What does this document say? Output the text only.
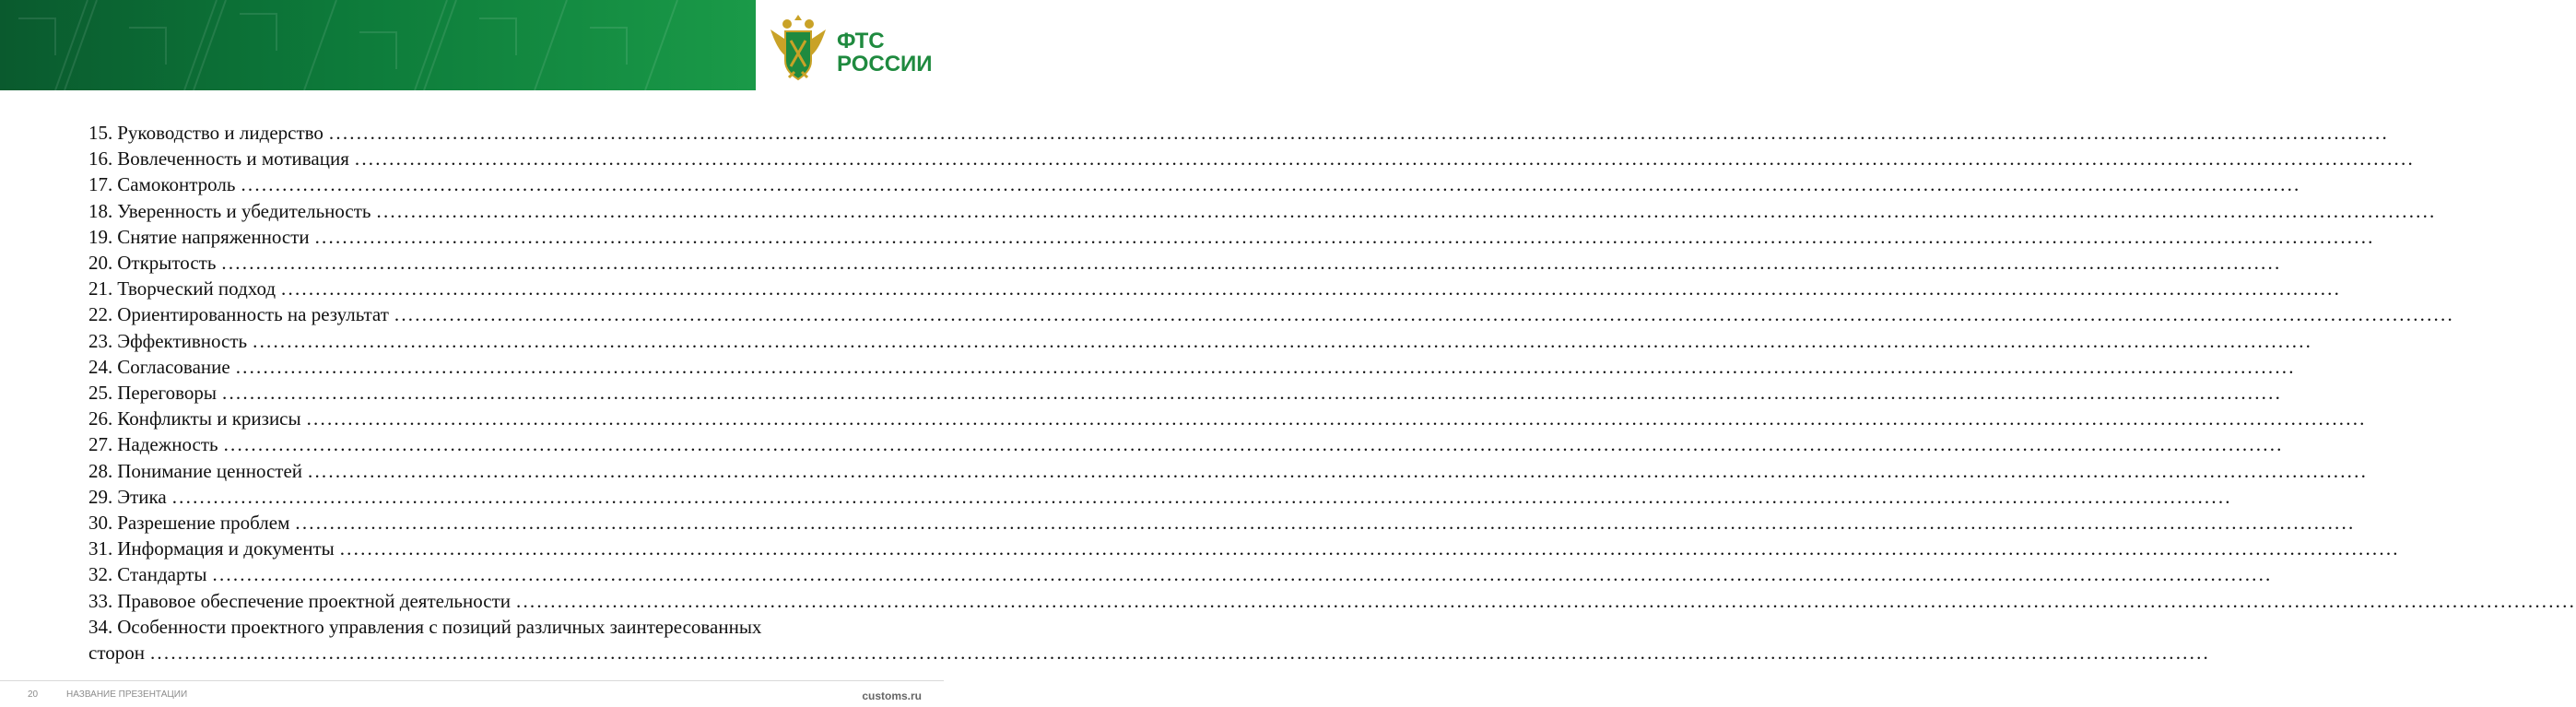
ФТС
РОССИИ
15. Руководство и лидерство ............................................................................................................................................................................................................................................................................................................
16. Вовлеченность и мотивация ............................................................................................................................................................................................................................................................................................................
17. Самоконтроль ............................................................................................................................................................................................................................................................................................................
18. Уверенность и убедительность ............................................................................................................................................................................................................................................................................................................
19. Снятие напряженности ............................................................................................................................................................................................................................................................................................................
20. Открытость ............................................................................................................................................................................................................................................................................................................
21. Творческий подход ............................................................................................................................................................................................................................................................................................................
22. Ориентированность на результат ............................................................................................................................................................................................................................................................................................................
23. Эффективность ............................................................................................................................................................................................................................................................................................................
24. Согласование ............................................................................................................................................................................................................................................................................................................
25. Переговоры ............................................................................................................................................................................................................................................................................................................
26. Конфликты и кризисы ............................................................................................................................................................................................................................................................................................................
27. Надежность ............................................................................................................................................................................................................................................................................................................
28. Понимание ценностей ............................................................................................................................................................................................................................................................................................................
29. Этика ............................................................................................................................................................................................................................................................................................................
30. Разрешение проблем ............................................................................................................................................................................................................................................................................................................
31. Информация и документы ............................................................................................................................................................................................................................................................................................................
32. Стандарты ............................................................................................................................................................................................................................................................................................................
33. Правовое обеспечение проектной деятельности ............................................................................................................................................................................................................................................................................................................
34. Особенности проектного управления с позиций различных заинтересованных
сторон ............................................................................................................................................................................................................................................................................................................
20	НАЗВАНИЕ ПРЕЗЕНТАЦИИ	customs.ru
